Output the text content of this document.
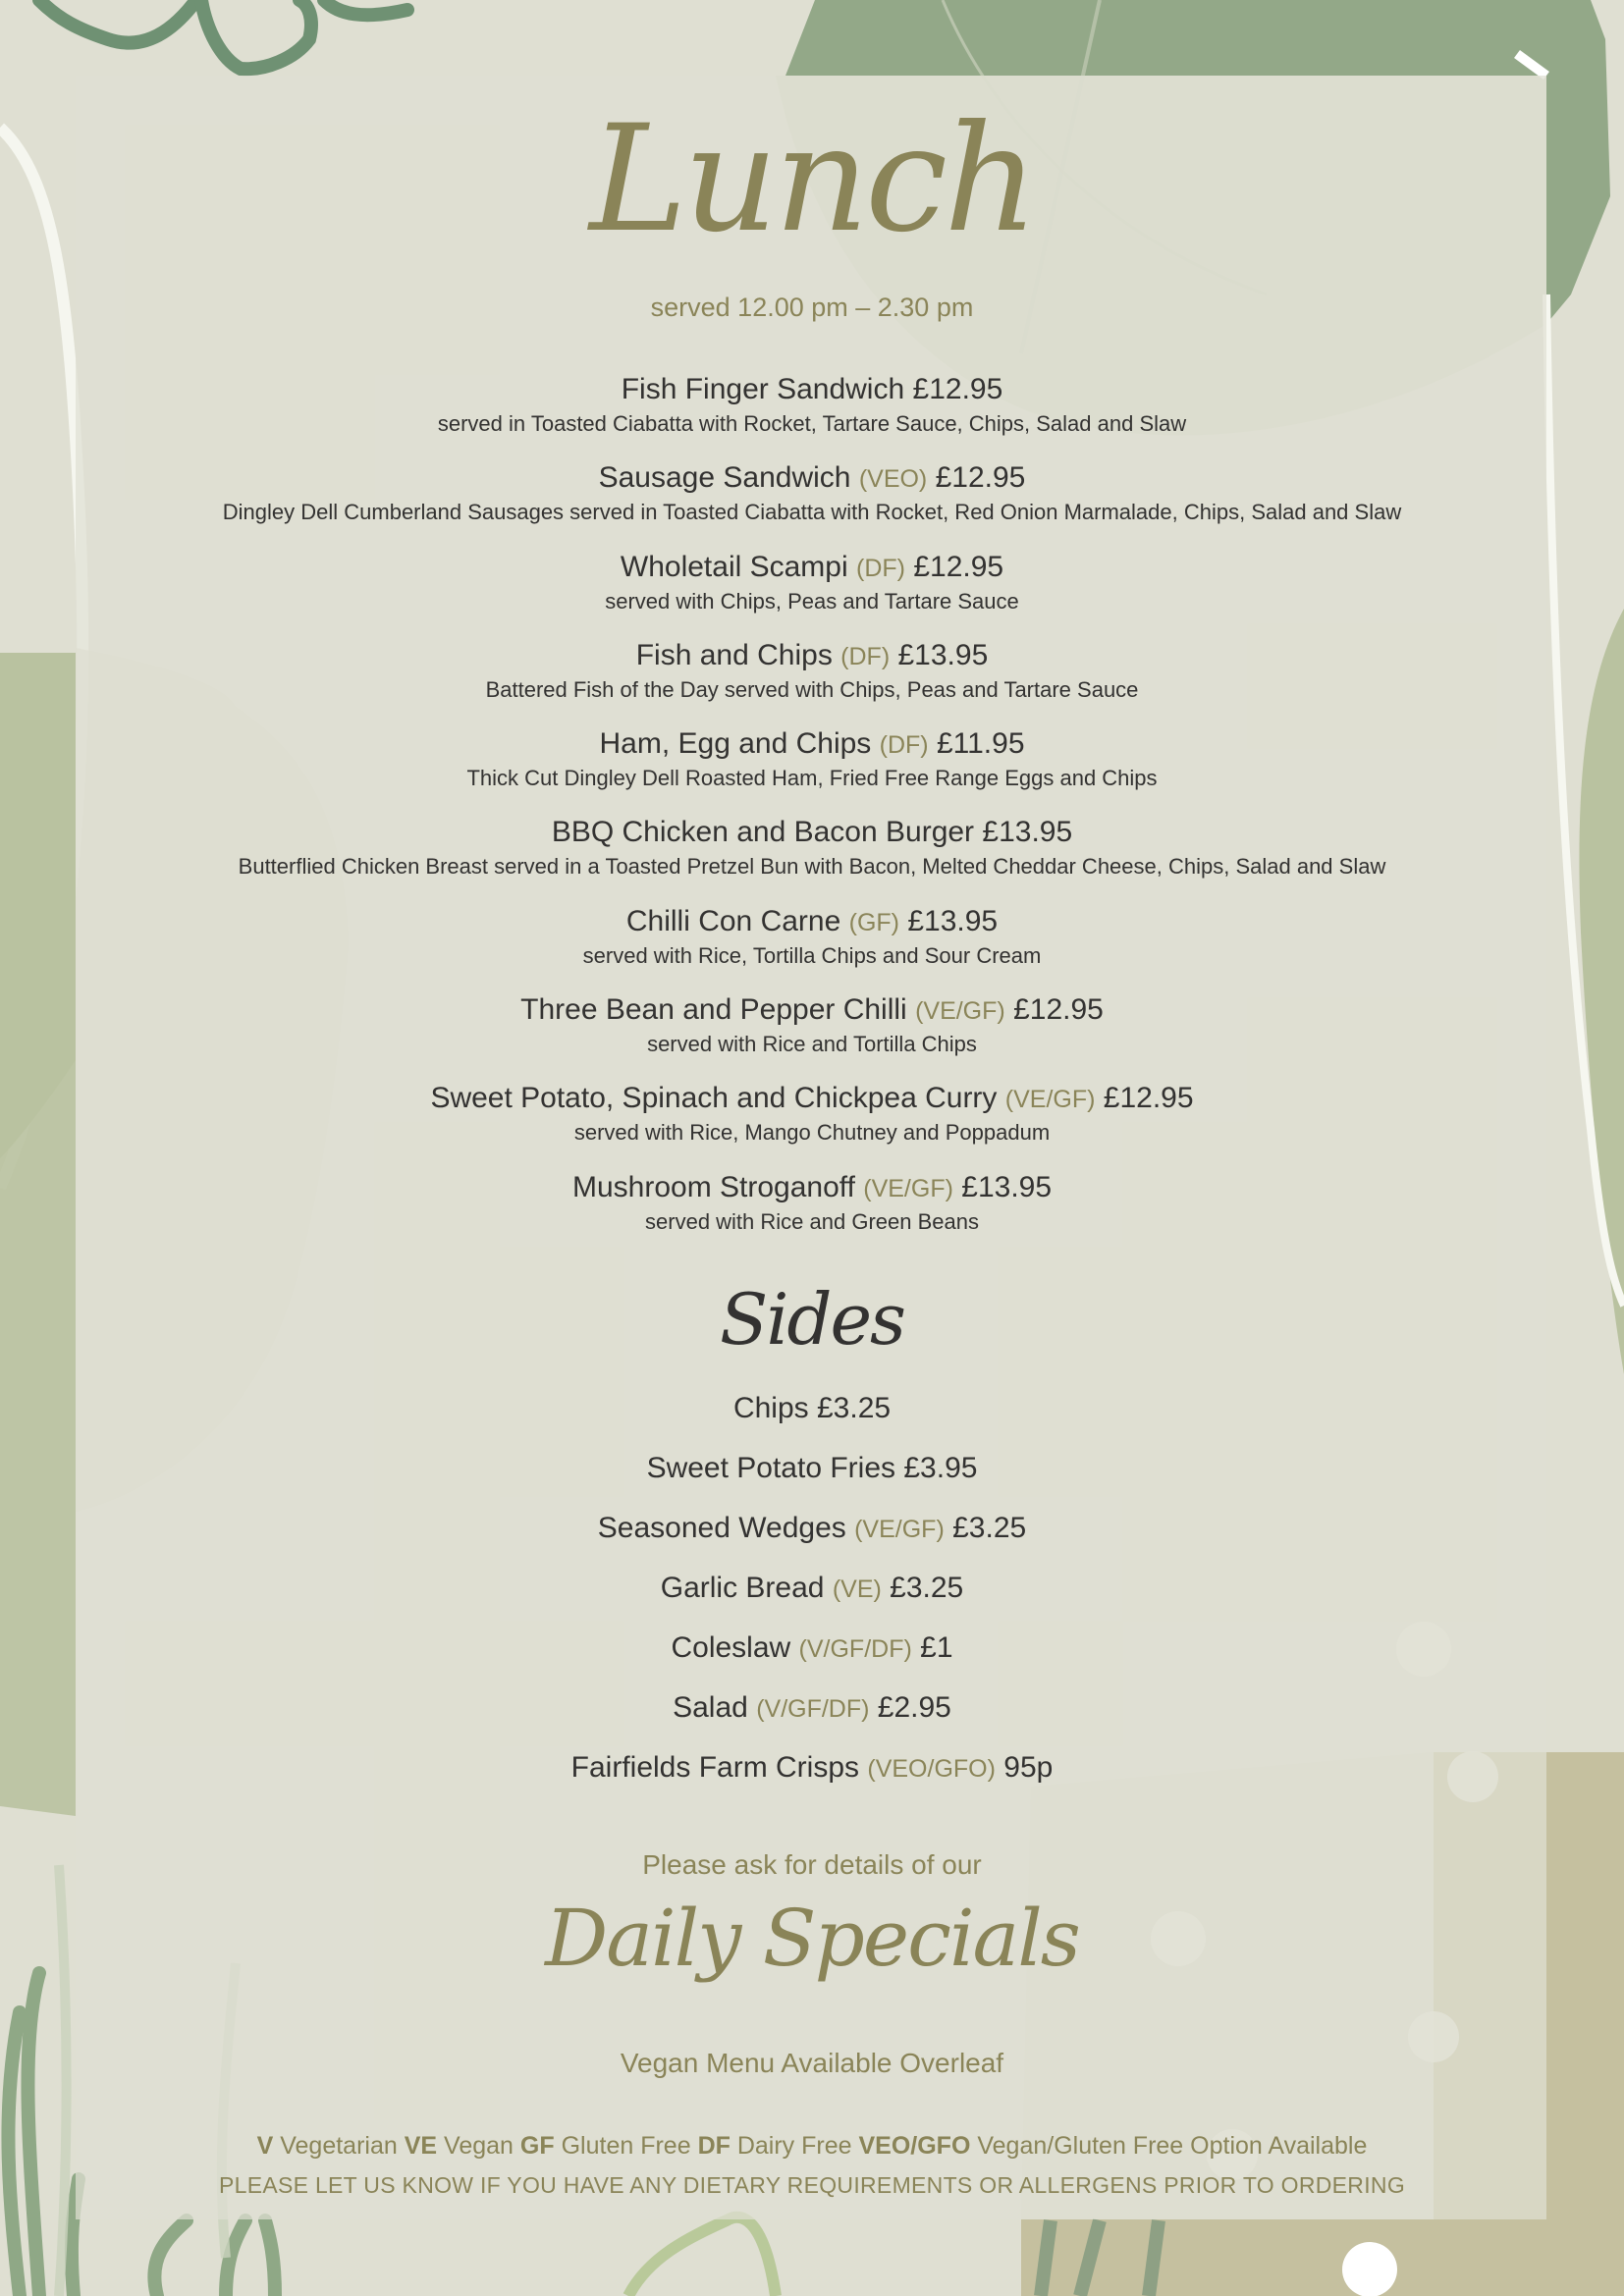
Lunch
served 12.00 pm – 2.30 pm
Fish Finger Sandwich £12.95
served in Toasted Ciabatta with Rocket, Tartare Sauce, Chips, Salad and Slaw
Sausage Sandwich (VEO) £12.95
Dingley Dell Cumberland Sausages served in Toasted Ciabatta with Rocket, Red Onion Marmalade, Chips, Salad and Slaw
Wholetail Scampi (DF) £12.95
served with Chips, Peas and Tartare Sauce
Fish and Chips (DF) £13.95
Battered Fish of the Day served with Chips, Peas and Tartare Sauce
Ham, Egg and Chips (DF) £11.95
Thick Cut Dingley Dell Roasted Ham, Fried Free Range Eggs and Chips
BBQ Chicken and Bacon Burger £13.95
Butterflied Chicken Breast served in a Toasted Pretzel Bun with Bacon, Melted Cheddar Cheese, Chips, Salad and Slaw
Chilli Con Carne (GF) £13.95
served with Rice, Tortilla Chips and Sour Cream
Three Bean and Pepper Chilli (VE/GF) £12.95
served with Rice and Tortilla Chips
Sweet Potato, Spinach and Chickpea Curry (VE/GF) £12.95
served with Rice, Mango Chutney and Poppadum
Mushroom Stroganoff (VE/GF) £13.95
served with Rice and Green Beans
Sides
Chips £3.25
Sweet Potato Fries £3.95
Seasoned Wedges (VE/GF) £3.25
Garlic Bread (VE) £3.25
Coleslaw (V/GF/DF) £1
Salad (V/GF/DF) £2.95
Fairfields Farm Crisps (VEO/GFO) 95p
Please ask for details of our
Daily Specials
Vegan Menu Available Overleaf
V Vegetarian VE Vegan GF Gluten Free DF Dairy Free VEO/GFO Vegan/Gluten Free Option Available
PLEASE LET US KNOW IF YOU HAVE ANY DIETARY REQUIREMENTS OR ALLERGENS PRIOR TO ORDERING
